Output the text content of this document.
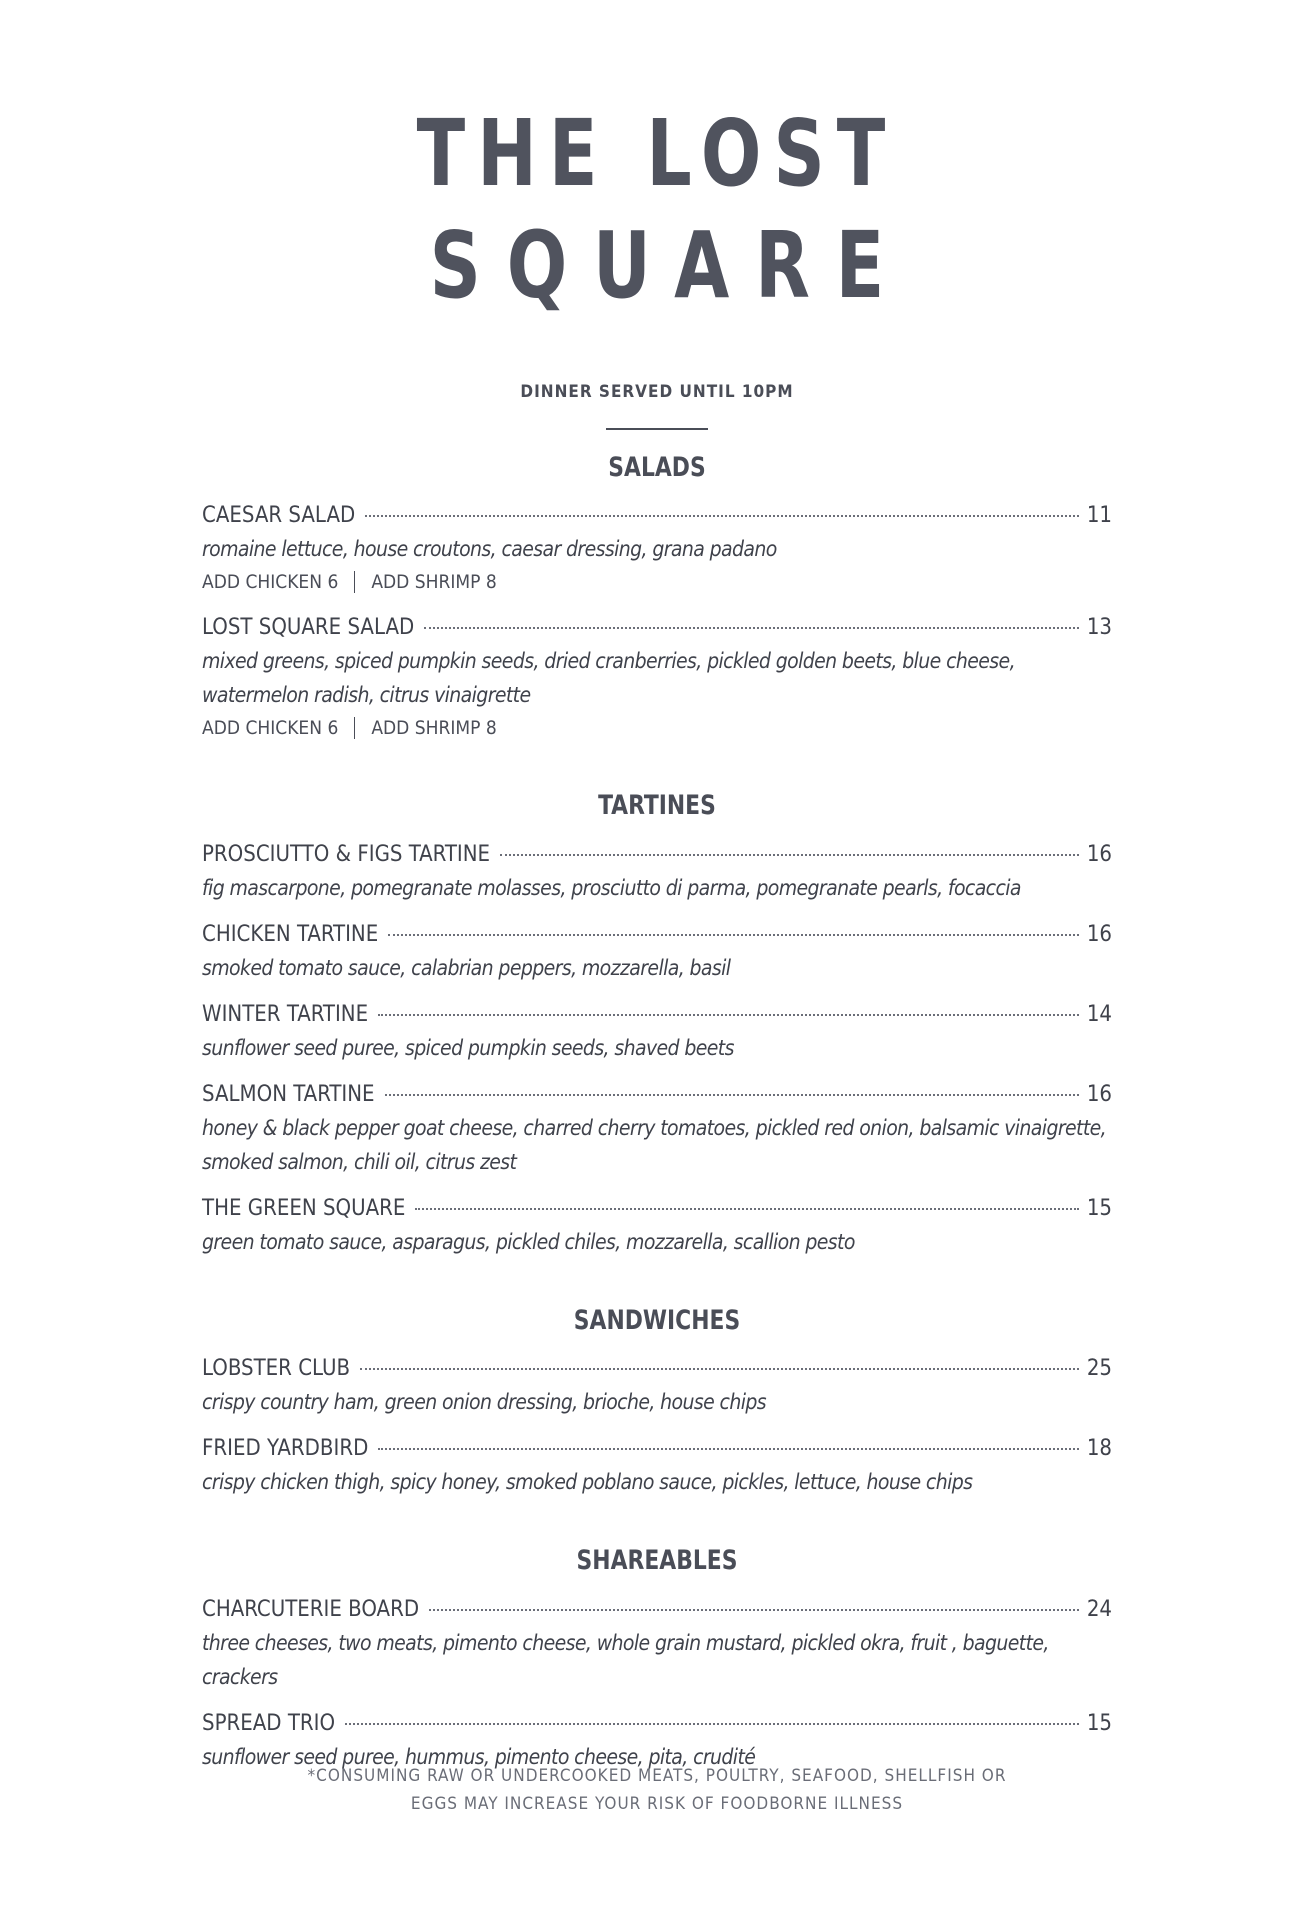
THE LOST
SQUARE
DINNER SERVED UNTIL 10PM
SALADS
CAESAR SALAD	11

romaine lettuce, house croutons, caesar dressing, grana padano

ADD CHICKEN 6 ADD SHRIMP 8
LOST SQUARE SALAD	13

mixed greens, spiced pumpkin seeds, dried cranberries, pickled golden beets, blue cheese, watermelon radish, citrus vinaigrette

ADD CHICKEN 6 ADD SHRIMP 8
TARTINES
PROSCIUTTO & FIGS TARTINE	16

fig mascarpone, pomegranate molasses, prosciutto di parma, pomegranate pearls, focaccia

CHICKEN TARTINE	16

smoked tomato sauce, calabrian peppers, mozzarella, basil

WINTER TARTINE	14

sunflower seed puree, spiced pumpkin seeds, shaved beets

SALMON TARTINE	16

honey & black pepper goat cheese, charred cherry tomatoes, pickled red onion, balsamic vinaigrette, smoked salmon, chili oil, citrus zest

THE GREEN SQUARE	15

green tomato sauce, asparagus, pickled chiles, mozzarella, scallion pesto

SANDWICHES
LOBSTER CLUB	25

crispy country ham, green onion dressing, brioche, house chips

FRIED YARDBIRD	18

crispy chicken thigh, spicy honey, smoked poblano sauce, pickles, lettuce, house chips

SHAREABLES
CHARCUTERIE BOARD	24

three cheeses, two meats, pimento cheese, whole grain mustard, pickled okra, fruit , baguette, crackers

SPREAD TRIO	15

sunflower seed puree, hummus, pimento cheese, pita, crudité

*CONSUMING RAW OR UNDERCOOKED MEATS, POULTRY, SEAFOOD, SHELLFISH OR
EGGS MAY INCREASE YOUR RISK OF FOODBORNE ILLNESS
